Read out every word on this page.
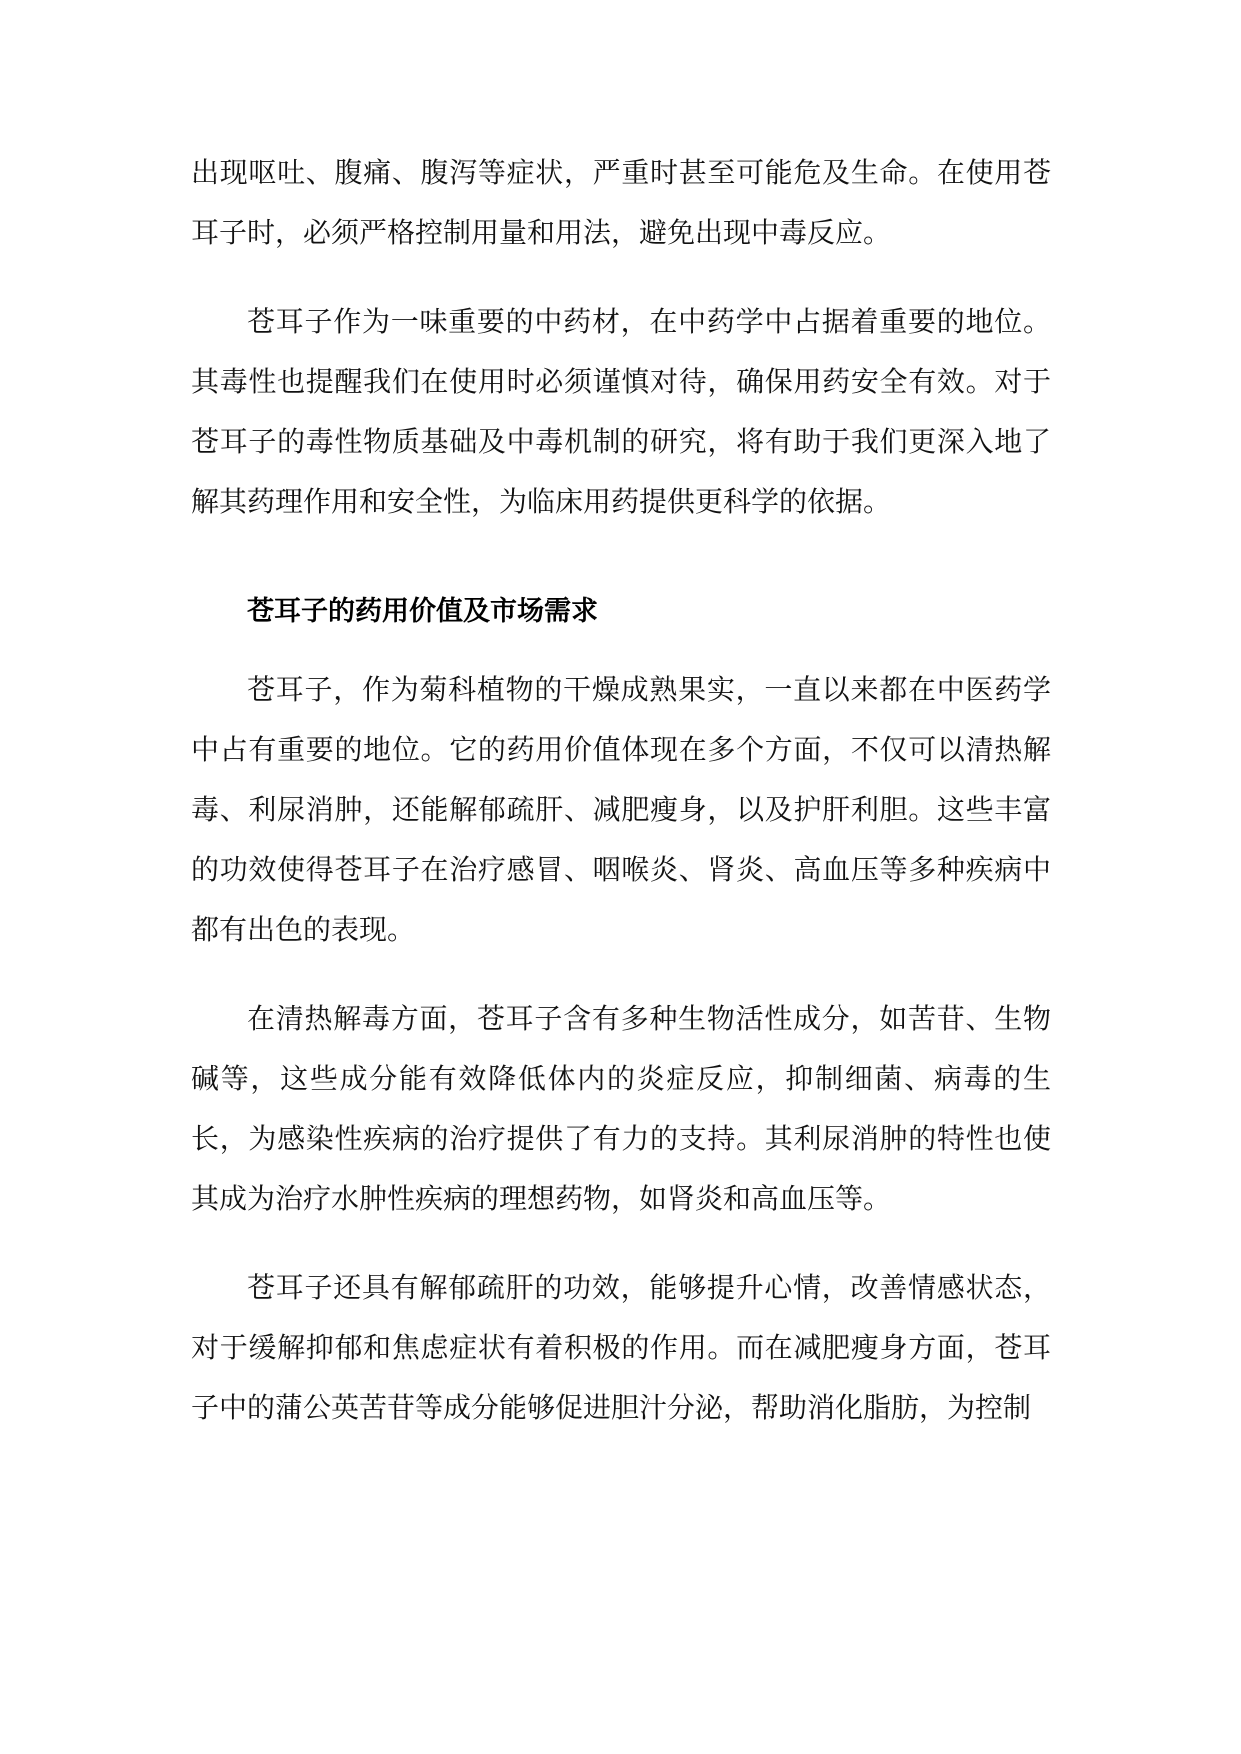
出现呕吐、腹痛、腹泻等症状，严重时甚至可能危及生命。在使用苍耳子时，必须严格控制用量和用法，避免出现中毒反应。

苍耳子作为一味重要的中药材，在中药学中占据着重要的地位。其毒性也提醒我们在使用时必须谨慎对待，确保用药安全有效。对于苍耳子的毒性物质基础及中毒机制的研究，将有助于我们更深入地了解其药理作用和安全性，为临床用药提供更科学的依据。

苍耳子的药用价值及市场需求

苍耳子，作为菊科植物的干燥成熟果实，一直以来都在中医药学中占有重要的地位。它的药用价值体现在多个方面，不仅可以清热解毒、利尿消肿，还能解郁疏肝、减肥瘦身，以及护肝利胆。这些丰富的功效使得苍耳子在治疗感冒、咽喉炎、肾炎、高血压等多种疾病中都有出色的表现。

在清热解毒方面，苍耳子含有多种生物活性成分，如苦苷、生物碱等，这些成分能有效降低体内的炎症反应，抑制细菌、病毒的生长，为感染性疾病的治疗提供了有力的支持。其利尿消肿的特性也使其成为治疗水肿性疾病的理想药物，如肾炎和高血压等。

苍耳子还具有解郁疏肝的功效，能够提升心情，改善情感状态，对于缓解抑郁和焦虑症状有着积极的作用。而在减肥瘦身方面，苍耳子中的蒲公英苦苷等成分能够促进胆汁分泌，帮助消化脂肪，为控制
